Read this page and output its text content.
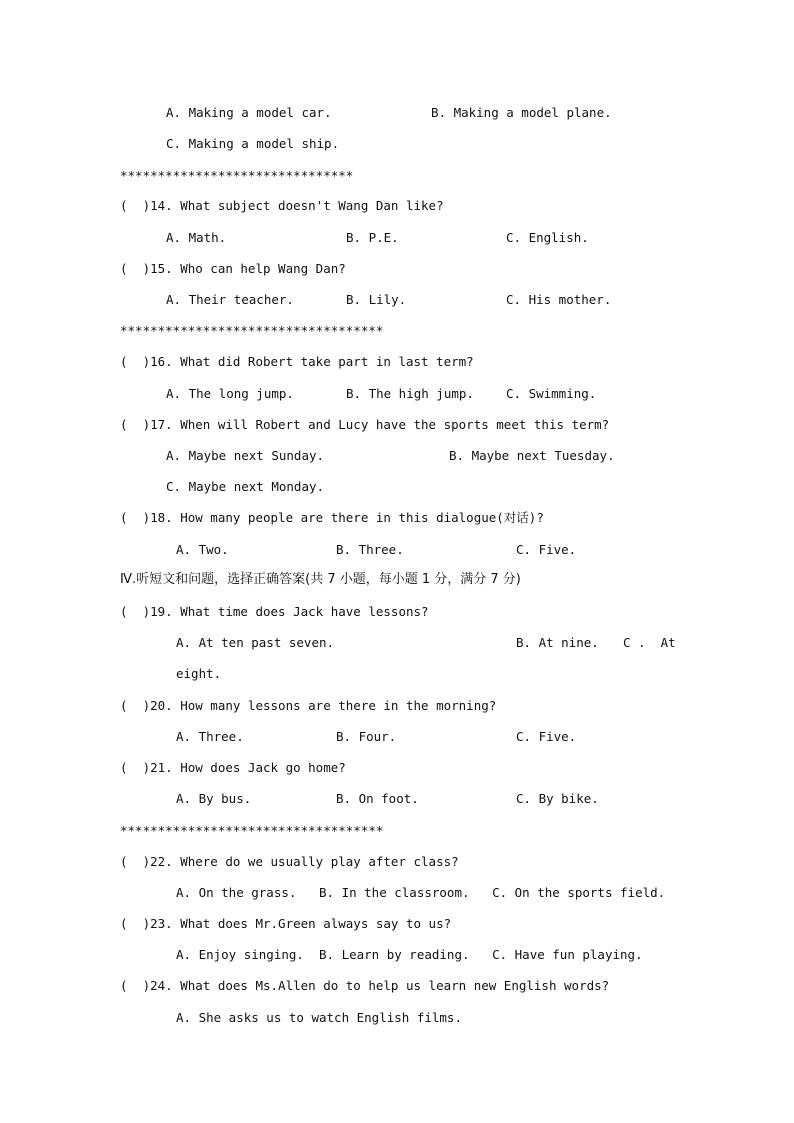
A. Making a model car.	B. Making a model plane.
C. Making a model ship.
*******************************
(  )14. What subject doesn't Wang Dan like?
A. Math.	B. P.E.	C. English.
(  )15. Who can help Wang Dan?
A. Their teacher.	B. Lily.	C. His mother.
***********************************
(  )16. What did Robert take part in last term?
A. The long jump.	B. The high jump.	C. Swimming.
(  )17. When will Robert and Lucy have the sports meet this term?
A. Maybe next Sunday.	B. Maybe next Tuesday.
C. Maybe next Monday.
(  )18. How many people are there in this dialogue(对话)?
A. Two.	B. Three.	C. Five.
Ⅳ.听短文和问题，选择正确答案(共 7 小题，每小题 1 分，满分 7 分)
(  )19. What time does Jack have lessons?
A. At ten past seven.	B. At nine. C .  At
eight.
(  )20. How many lessons are there in the morning?
A. Three.	B. Four.	C. Five.
(  )21. How does Jack go home?
A. By bus.	B. On foot.	C. By bike.
***********************************
(  )22. Where do we usually play after class?
A. On the grass.   B. In the classroom.   C. On the sports field.
(  )23. What does Mr.Green always say to us?
A. Enjoy singing.  B. Learn by reading.   C. Have fun playing.
(  )24. What does Ms.Allen do to help us learn new English words?
A. She asks us to watch English films.
